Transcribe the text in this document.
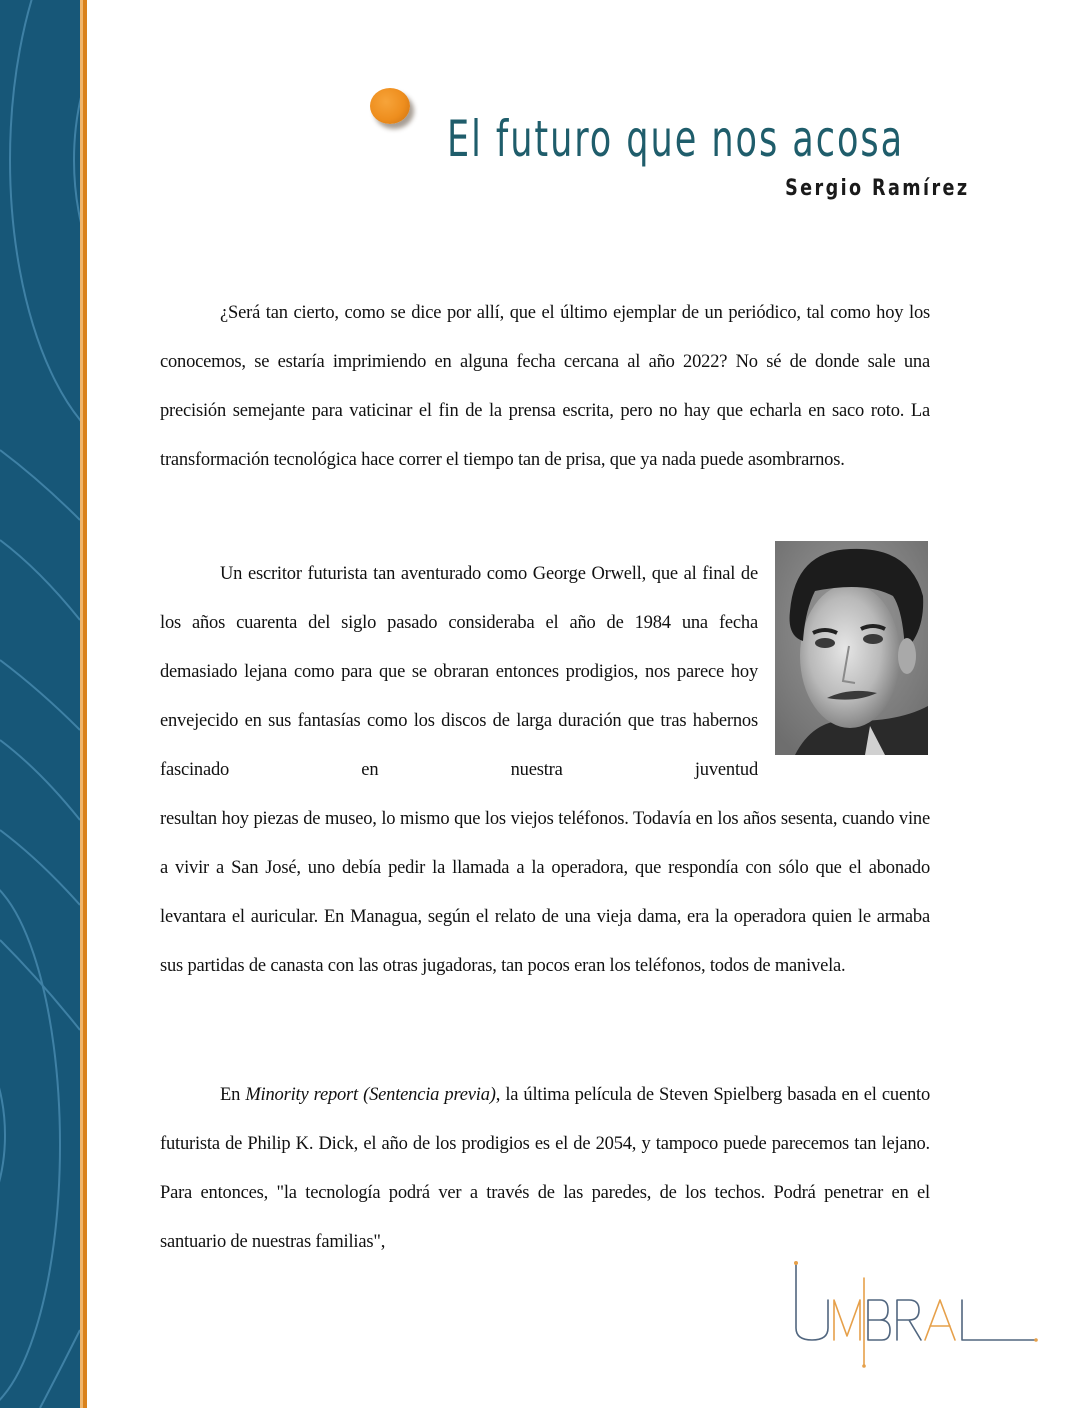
El futuro que nos acosa
Sergio Ramírez

¿Será tan cierto, como se dice por allí, que el último ejemplar de un periódico, tal como hoy los conocemos, se estaría imprimiendo en alguna fecha cercana al año 2022? No sé de donde sale una precisión semejante para vaticinar el fin de la prensa escrita, pero no hay que echarla en saco roto. La transformación tecnológica hace correr el tiempo tan de prisa, que ya nada puede asombrarnos.

Un escritor futurista tan aventurado como George Orwell, que al final de los años cuarenta del siglo pasado consideraba el año de 1984 una fecha demasiado lejana como para que se obraran entonces prodigios, nos parece hoy envejecido en sus fantasías como los discos de larga duración que tras habernos fascinado en nuestra juventud

resultan hoy piezas de museo, lo mismo que los viejos teléfonos. Todavía en los años sesenta, cuando vine a vivir a San José, uno debía pedir la llamada a la operadora, que respondía con sólo que el abonado levantara el auricular. En Managua, según el relato de una vieja dama, era la operadora quien le armaba sus partidas de canasta con las otras jugadoras, tan pocos eran los teléfonos, todos de manivela.

En Minority report (Sentencia previa), la última película de Steven Spielberg basada en el cuento futurista de Philip K. Dick, el año de los prodigios es el de 2054, y tampoco puede parecemos tan lejano. Para entonces, "la tecnología podrá ver a través de las paredes, de los techos. Podrá penetrar en el santuario de nuestras familias",
